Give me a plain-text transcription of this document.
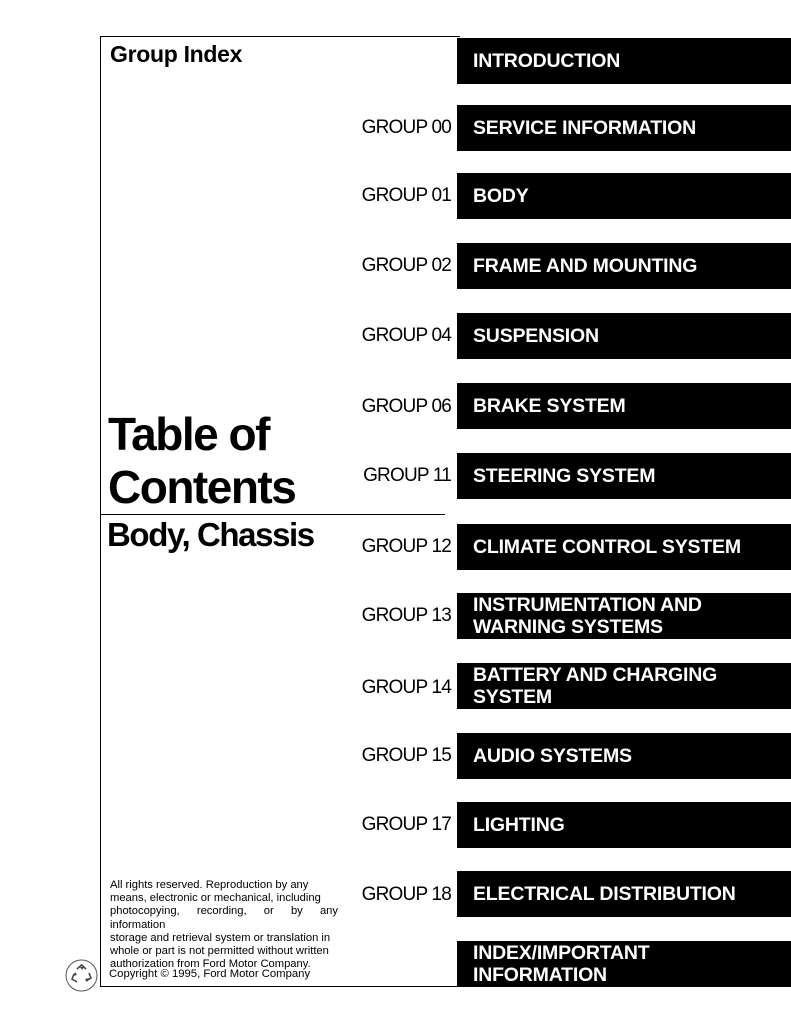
Group Index
Table of
Contents
Body, Chassis
INTRODUCTION
GROUP 00 SERVICE INFORMATION
GROUP 01 BODY
GROUP 02 FRAME AND MOUNTING
GROUP 04 SUSPENSION
GROUP 06 BRAKE SYSTEM
GROUP 11 STEERING SYSTEM
GROUP 12 CLIMATE CONTROL SYSTEM
GROUP 13 INSTRUMENTATION AND
WARNING SYSTEMS
GROUP 14
BATTERY AND CHARGING
SYSTEM
GROUP 15 AUDIO SYSTEMS
GROUP 17 LIGHTING
GROUP 18 ELECTRICAL DISTRIBUTION
INDEX/IMPORTANT
INFORMATION
All rights reserved. Reproduction by any
means, electronic or mechanical, including
photocopying, recording, or by any information
storage and retrieval system or translation in
whole or part is not permitted without written
authorization from Ford Motor Company.
Copyright © 1995, Ford Motor Company
